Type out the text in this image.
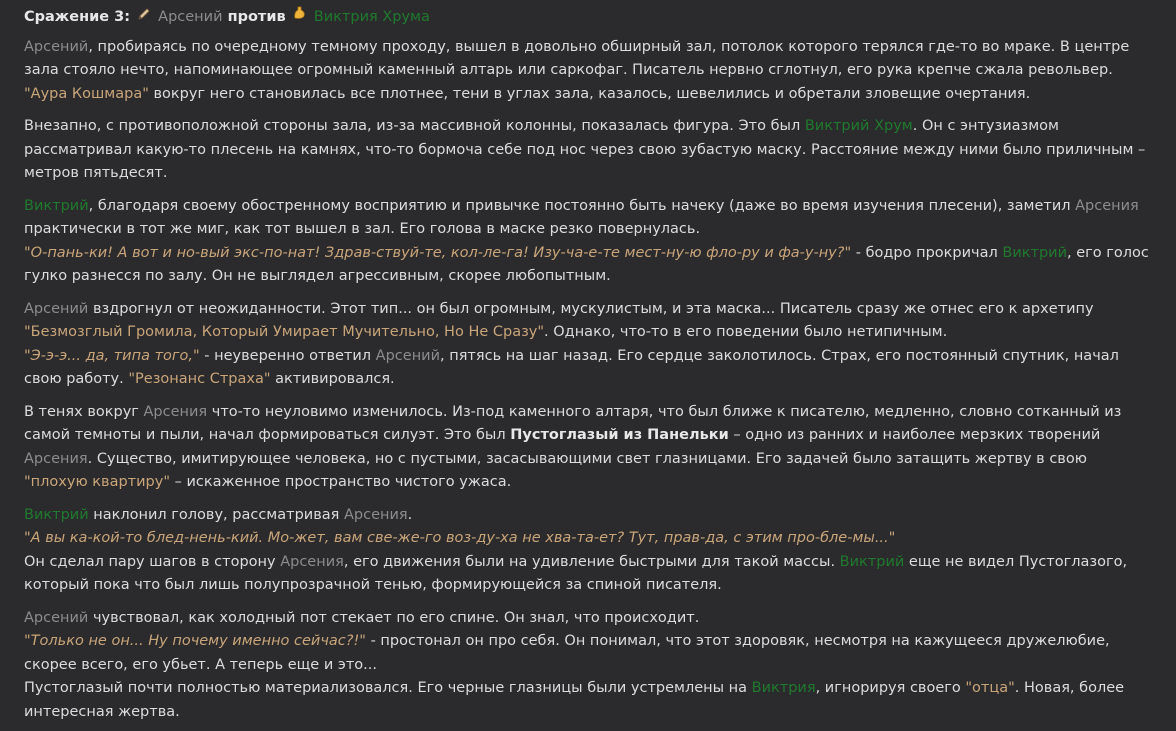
Сражение 3: Арсений против Виктрия Хрума
Арсений, пробираясь по очередному темному проходу, вышел в довольно обширный зал, потолок которого терялся где-то во мраке. В центре зала стояло нечто, напоминающее огромный каменный алтарь или саркофаг. Писатель нервно сглотнул, его рука крепче сжала револьвер. "Аура Кошмара" вокруг него становилась все плотнее, тени в углах зала, казалось, шевелились и обретали зловещие очертания.
Внезапно, с противоположной стороны зала, из-за массивной колонны, показалась фигура. Это был Виктрий Хрум. Он с энтузиазмом рассматривал какую-то плесень на камнях, что-то бормоча себе под нос через свою зубастую маску. Расстояние между ними было приличным – метров пятьдесят.
Виктрий, благодаря своему обостренному восприятию и привычке постоянно быть начеку (даже во время изучения плесени), заметил Арсения практически в тот же миг, как тот вышел в зал. Его голова в маске резко повернулась.
"О-пань-ки! А вот и но-вый экс-по-нат! Здрав-ствуй-те, кол-ле-га! Изу-ча-е-те мест-ну-ю фло-ру и фа-у-ну?" - бодро прокричал Виктрий, его голос гулко разнесся по залу. Он не выглядел агрессивным, скорее любопытным.
Арсений вздрогнул от неожиданности. Этот тип... он был огромным, мускулистым, и эта маска... Писатель сразу же отнес его к архетипу "Безмозглый Громила, Который Умирает Мучительно, Но Не Сразу". Однако, что-то в его поведении было нетипичным.
"Э-э-э... да, типа того," - неуверенно ответил Арсений, пятясь на шаг назад. Его сердце заколотилось. Страх, его постоянный спутник, начал свою работу. "Резонанс Страха" активировался.
В тенях вокруг Арсения что-то неуловимо изменилось. Из-под каменного алтаря, что был ближе к писателю, медленно, словно сотканный из самой темноты и пыли, начал формироваться силуэт. Это был Пустоглазый из Панельки – одно из ранних и наиболее мерзких творений Арсения. Существо, имитирующее человека, но с пустыми, засасывающими свет глазницами. Его задачей было затащить жертву в свою "плохую квартиру" – искаженное пространство чистого ужаса.
Виктрий наклонил голову, рассматривая Арсения.
"А вы ка-кой-то блед-нень-кий. Мо-жет, вам све-же-го воз-ду-ха не хва-та-ет? Тут, прав-да, с этим про-бле-мы..."
Он сделал пару шагов в сторону Арсения, его движения были на удивление быстрыми для такой массы. Виктрий еще не видел Пустоглазого, который пока что был лишь полупрозрачной тенью, формирующейся за спиной писателя.
Арсений чувствовал, как холодный пот стекает по его спине. Он знал, что происходит.
"Только не он... Ну почему именно сейчас?!" - простонал он про себя. Он понимал, что этот здоровяк, несмотря на кажущееся дружелюбие, скорее всего, его убьет. А теперь еще и это...
Пустоглазый почти полностью материализовался. Его черные глазницы были устремлены на Виктрия, игнорируя своего "отца". Новая, более интересная жертва.
